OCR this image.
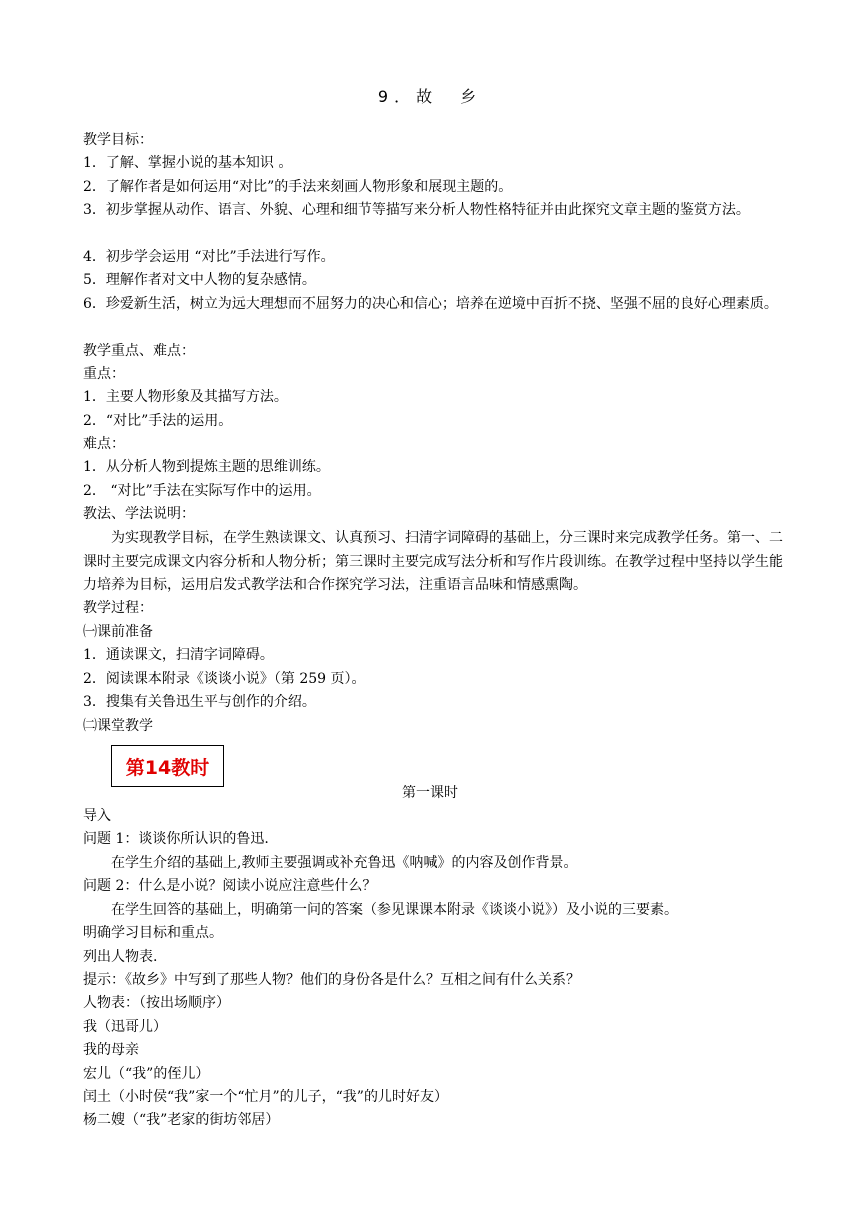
9．故　乡
教学目标：
1．了解、掌握小说的基本知识 。
2．了解作者是如何运用“对比”的手法来刻画人物形象和展现主题的。
3．初步掌握从动作、语言、外貌、心理和细节等描写来分析人物性格特征并由此探究文章主题的鉴赏方法。
4．初步学会运用 “对比”手法进行写作。
5．理解作者对文中人物的复杂感情。
6．珍爱新生活，树立为远大理想而不屈努力的决心和信心；培养在逆境中百折不挠、坚强不屈的良好心理素质。
教学重点、难点：
重点：
1．主要人物形象及其描写方法。
2．“对比”手法的运用。
难点：
1．从分析人物到提炼主题的思维训练。
2． “对比”手法在实际写作中的运用。
教法、学法说明：
为实现教学目标，在学生熟读课文、认真预习、扫清字词障碍的基础上，分三课时来完成教学任务。第一、二课时主要完成课文内容分析和人物分析；第三课时主要完成写法分析和写作片段训练。在教学过程中坚持以学生能力培养为目标，运用启发式教学法和合作探究学习法，注重语言品味和情感熏陶。
教学过程：
㈠课前准备
1．通读课文，扫清字词障碍。
2．阅读课本附录《谈谈小说》（第 259 页）。
3．搜集有关鲁迅生平与创作的介绍。
㈡课堂教学
第14教时
第一课时
导入
问题 1：谈谈你所认识的鲁迅.
在学生介绍的基础上,教师主要强调或补充鲁迅《呐喊》的内容及创作背景。
问题 2：什么是小说？阅读小说应注意些什么？
在学生回答的基础上，明确第一问的答案（参见课课本附录《谈谈小说》）及小说的三要素。
明确学习目标和重点。
列出人物表.
提示：《故乡》中写到了那些人物？他们的身份各是什么？互相之间有什么关系？
人物表：（按出场顺序）
我（迅哥儿）
我的母亲
宏儿（“我”的侄儿）
闰土（小时侯“我”家一个“忙月”的儿子，“我”的儿时好友）
杨二嫂（“我”老家的街坊邻居）
